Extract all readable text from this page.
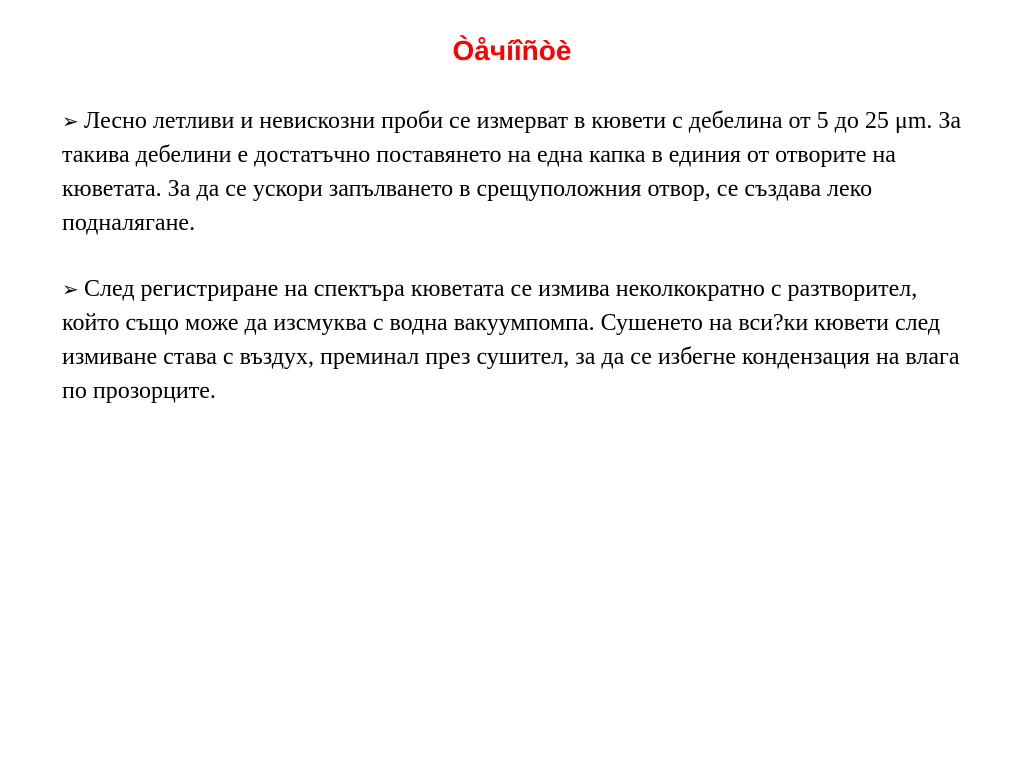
Òåчíîñòè

➢ Лесно летливи и невискозни проби се измерват в кювети с дебелина от 5 до 25 μm. За такива дебелини е достатъчно поставянето на една капка в единия от отворите на кюветата. За да се ускори запълването в срещуположния отвор, се създава леко подналягане.

➢ След регистриране на спектъра кюветата се измива неколкократно с разтворител, който също може да изсмуква с водна вакуумпомпа. Сушенето на вси?ки кювети след измиване става с въздух, преминал през сушител, за да се избегне кондензация на влага по прозорците.
